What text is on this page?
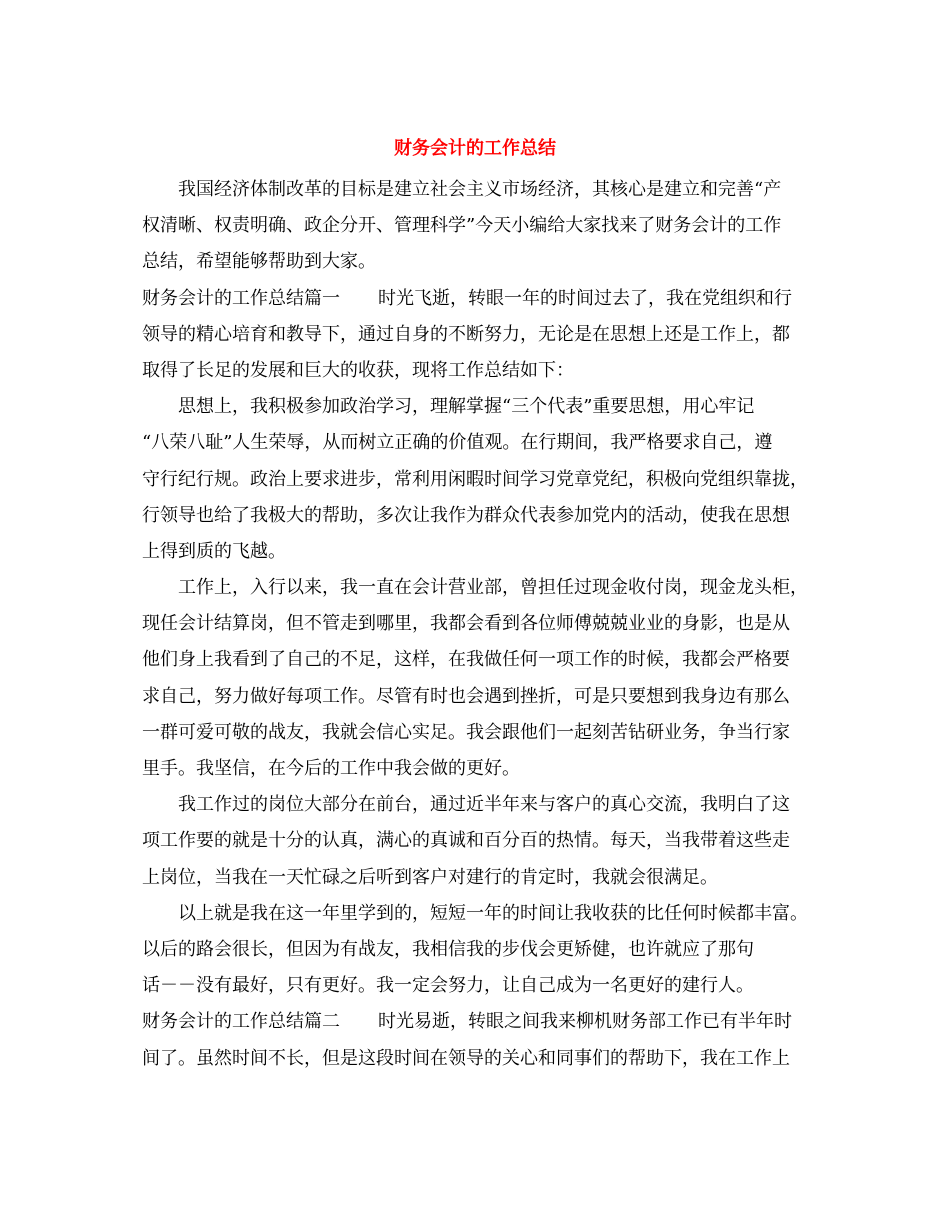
财务会计的工作总结
我国经济体制改革的目标是建立社会主义市场经济，其核心是建立和完善“产
权清晰、权责明确、政企分开、管理科学”今天小编给大家找来了财务会计的工作
总结，希望能够帮助到大家。
财务会计的工作总结篇一 时光飞逝，转眼一年的时间过去了，我在党组织和行
领导的精心培育和教导下，通过自身的不断努力，无论是在思想上还是工作上，都
取得了长足的发展和巨大的收获，现将工作总结如下：
思想上，我积极参加政治学习，理解掌握“三个代表”重要思想，用心牢记
“八荣八耻”人生荣辱，从而树立正确的价值观。在行期间，我严格要求自己，遵
守行纪行规。政治上要求进步，常利用闲暇时间学习党章党纪，积极向党组织靠拢，
行领导也给了我极大的帮助，多次让我作为群众代表参加党内的活动，使我在思想
上得到质的飞越。
工作上，入行以来，我一直在会计营业部，曾担任过现金收付岗，现金龙头柜，
现任会计结算岗，但不管走到哪里，我都会看到各位师傅兢兢业业的身影，也是从
他们身上我看到了自己的不足，这样，在我做任何一项工作的时候，我都会严格要
求自己，努力做好每项工作。尽管有时也会遇到挫折，可是只要想到我身边有那么
一群可爱可敬的战友，我就会信心实足。我会跟他们一起刻苦钻研业务，争当行家
里手。我坚信，在今后的工作中我会做的更好。
我工作过的岗位大部分在前台，通过近半年来与客户的真心交流，我明白了这
项工作要的就是十分的认真，满心的真诚和百分百的热情。每天，当我带着这些走
上岗位，当我在一天忙碌之后听到客户对建行的肯定时，我就会很满足。
以上就是我在这一年里学到的，短短一年的时间让我收获的比任何时候都丰富。
以后的路会很长，但因为有战友，我相信我的步伐会更矫健，也许就应了那句
话－－没有最好，只有更好。我一定会努力，让自己成为一名更好的建行人。
财务会计的工作总结篇二 时光易逝，转眼之间我来柳机财务部工作已有半年时
间了。虽然时间不长，但是这段时间在领导的关心和同事们的帮助下，我在工作上
